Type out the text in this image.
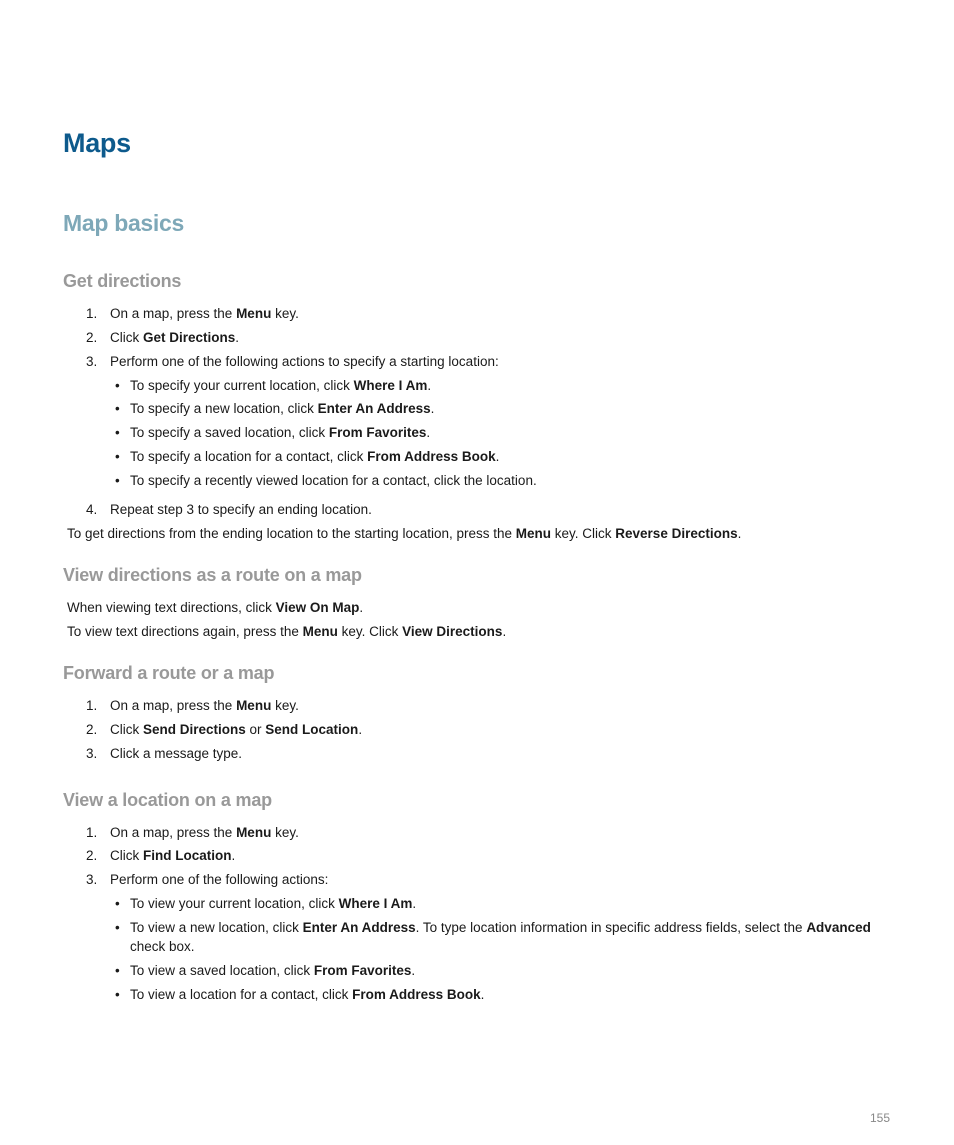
Maps
Map basics
Get directions
1. On a map, press the Menu key.
2. Click Get Directions.
3. Perform one of the following actions to specify a starting location:
• To specify your current location, click Where I Am.
• To specify a new location, click Enter An Address.
• To specify a saved location, click From Favorites.
• To specify a location for a contact, click From Address Book.
• To specify a recently viewed location for a contact, click the location.
4. Repeat step 3 to specify an ending location.
To get directions from the ending location to the starting location, press the Menu key. Click Reverse Directions.
View directions as a route on a map
When viewing text directions, click View On Map.
To view text directions again, press the Menu key. Click View Directions.
Forward a route or a map
1. On a map, press the Menu key.
2. Click Send Directions or Send Location.
3. Click a message type.
View a location on a map
1. On a map, press the Menu key.
2. Click Find Location.
3. Perform one of the following actions:
• To view your current location, click Where I Am.
• To view a new location, click Enter An Address. To type location information in specific address fields, select the Advanced check box.
• To view a saved location, click From Favorites.
• To view a location for a contact, click From Address Book.
155
